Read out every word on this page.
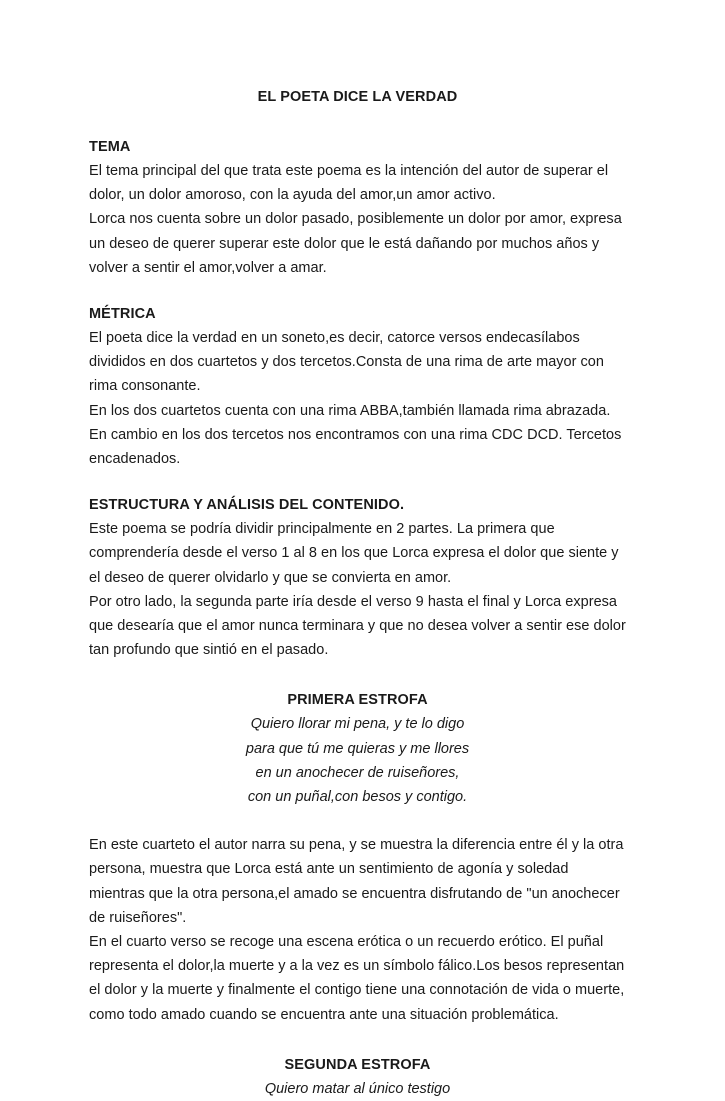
EL POETA DICE LA VERDAD
TEMA

El tema principal del que trata este poema es la intención del autor de superar el dolor, un dolor amoroso, con la ayuda del amor,un amor activo.

Lorca nos cuenta sobre un dolor pasado, posiblemente un dolor por amor, expresa un deseo de querer superar este dolor que le está dañando por muchos años y volver a sentir el amor,volver a amar.

MÉTRICA

El poeta dice la verdad en un soneto,es decir, catorce versos endecasílabos divididos en dos cuartetos y dos tercetos.Consta de una rima de arte mayor con rima consonante.

En los dos cuartetos cuenta con una rima ABBA,también llamada rima abrazada.

En cambio en los dos tercetos nos encontramos con una rima CDC DCD. Tercetos encadenados.

ESTRUCTURA Y ANÁLISIS DEL CONTENIDO.

Este poema se podría dividir principalmente en 2 partes. La primera que comprendería desde el verso 1 al 8 en los que Lorca expresa el dolor que siente y el deseo de querer olvidarlo y que se convierta en amor.

Por otro lado, la segunda parte iría desde el verso 9 hasta el final y Lorca expresa que desearía que el amor nunca terminara y que no desea volver a sentir ese dolor tan profundo que sintió en el pasado.

PRIMERA ESTROFA

Quiero llorar mi pena, y te lo digo

para que tú me quieras y me llores

en un anochecer de ruiseñores,

con un puñal,con besos y contigo.

En este cuarteto el autor narra su pena, y se muestra la diferencia entre él y la otra persona, muestra que Lorca está ante un sentimiento de agonía y soledad mientras que la otra persona,el amado se encuentra disfrutando de "un anochecer de ruiseñores".

En el cuarto verso se recoge una escena erótica o un recuerdo erótico. El puñal representa el dolor,la muerte y a la vez es un símbolo fálico.Los besos representan el dolor y la muerte y finalmente el contigo tiene una connotación de vida o muerte, como todo amado cuando se encuentra ante una situación problemática.

SEGUNDA ESTROFA

Quiero matar al único testigo
